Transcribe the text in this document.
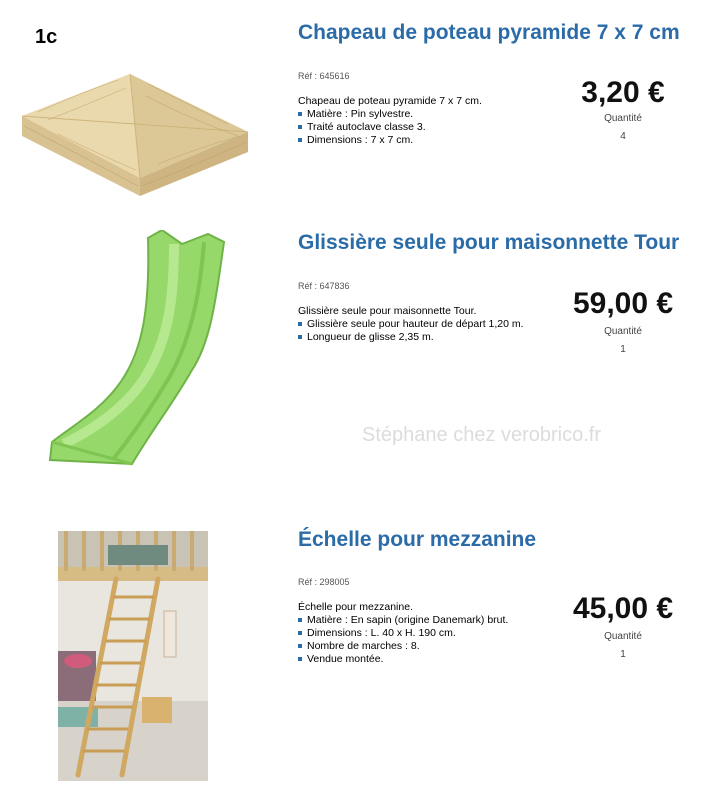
1c	Chapeau de poteau pyramide 7 x 7 cm
Réf : 645616
Chapeau de poteau pyramide 7 x 7 cm.
Matière : Pin sylvestre.
Traité autoclave classe 3.
Dimensions : 7 x 7 cm.
3,20 €
Quantité
4
Glissière seule pour maisonnette Tour
Réf : 647836
Glissière seule pour maisonnette Tour.
Glissière seule pour hauteur de départ 1,20 m.
Longueur de glisse 2,35 m.
59,00 €
Quantité
1
Stéphane chez verobrico.fr
Échelle pour mezzanine
Réf : 298005
Échelle pour mezzanine.
Matière : En sapin (origine Danemark) brut.
Dimensions : L. 40 x H. 190 cm.
Nombre de marches : 8.
Vendue montée.
45,00 €
Quantité
1
